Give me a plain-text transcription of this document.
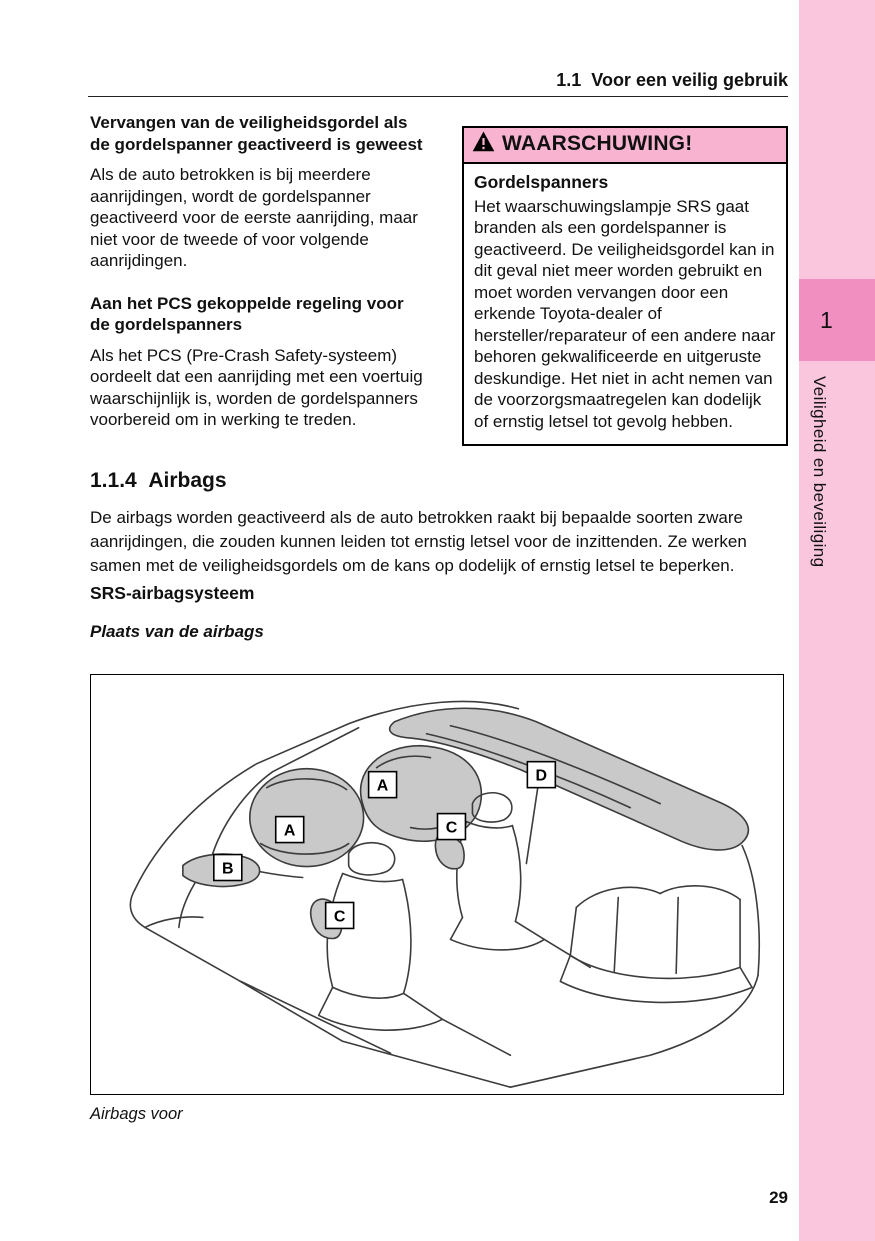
1
Veiligheid en beveiliging
1.1  Voor een veilig gebruik
Vervangen van de veiligheidsgordel als de gordelspanner geactiveerd is geweest

Als de auto betrokken is bij meerdere aanrijdingen, wordt de gordelspanner geactiveerd voor de eerste aanrijding, maar niet voor de tweede of voor volgende aanrijdingen.

Aan het PCS gekoppelde regeling voor de gordelspanners

Als het PCS (Pre-Crash Safety-systeem) oordeelt dat een aanrijding met een voertuig waarschijnlijk is, worden de gordelspanners voorbereid om in werking te treden.

WAARSCHUWING!

Gordelspanners

Het waarschuwingslampje SRS gaat branden als een gordelspanner is geactiveerd. De veiligheidsgordel kan in dit geval niet meer worden gebruikt en moet worden vervangen door een erkende Toyota-dealer of hersteller/reparateur of een andere naar behoren gekwalificeerde en uitgeruste deskundige. Het niet in acht nemen van de voorzorgsmaatregelen kan dodelijk of ernstig letsel tot gevolg hebben.
1.1.4  Airbags
De airbags worden geactiveerd als de auto betrokken raakt bij bepaalde soorten zware aanrijdingen, die zouden kunnen leiden tot ernstig letsel voor de inzittenden. Ze werken samen met de veiligheidsgordels om de kans op dodelijk of ernstig letsel te beperken.
SRS-airbagsysteem
Plaats van de airbags
A
A
B
C
C
D
Airbags voor
29
